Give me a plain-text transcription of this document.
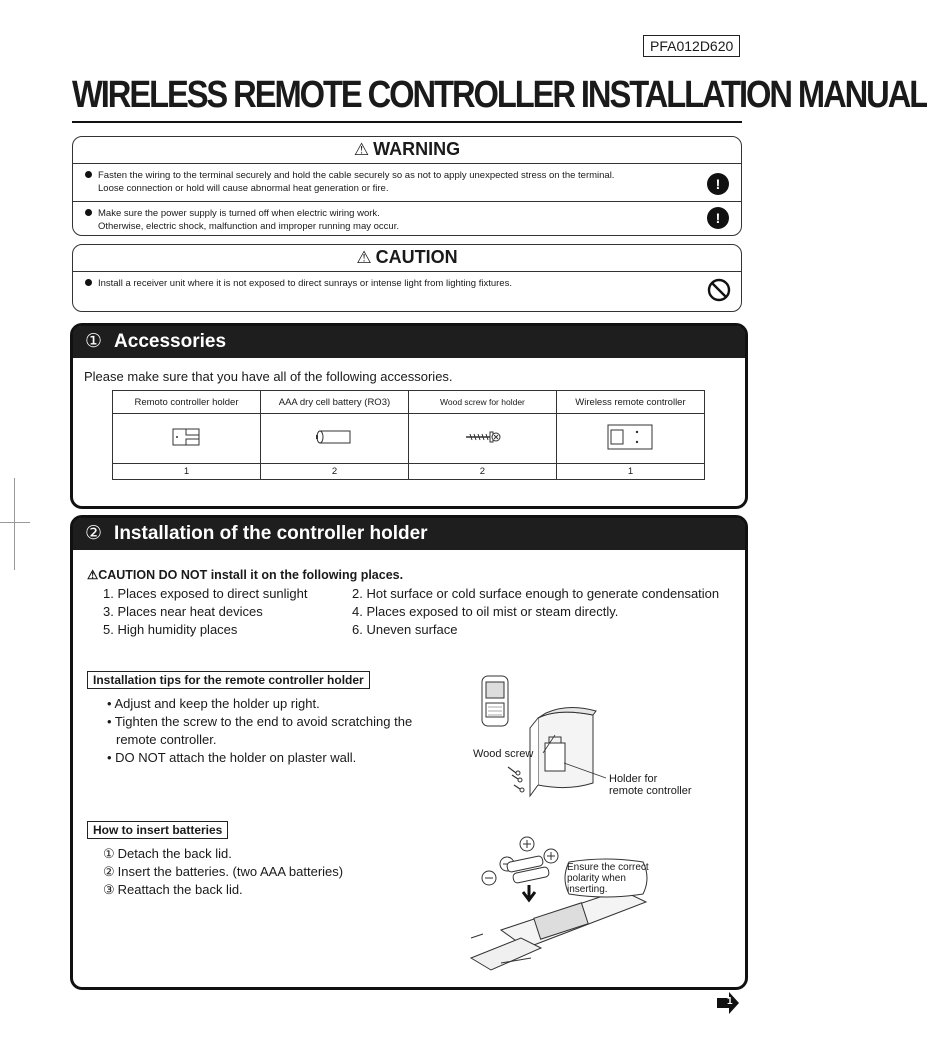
PFA012D620
WIRELESS REMOTE CONTROLLER INSTALLATION MANUAL
⚠ WARNING
Fasten the wiring to the terminal securely and hold the cable securely so as not to apply unexpected stress on the terminal.
Loose connection or hold will cause abnormal heat generation or fire.	!
Make sure the power supply is turned off when electric wiring work.
Otherwise, electric shock, malfunction and improper running may occur.
!
⚠ CAUTION
Install a receiver unit where it is not exposed to direct sunrays or intense light from lighting fixtures.
① Accessories
Please make sure that you have all of the following accessories.
Remoto controller holder	AAA dry cell battery (RO3)	Wood screw for holder	Wireless remote controller

1	2	2	1
② Installation of the controller holder
⚠CAUTION DO NOT install it on the following places.
1. Places exposed to direct sunlight
3. Places near heat devices
5. High humidity places
2. Hot surface or cold surface enough to generate condensation
4. Places exposed to oil mist or steam directly.
6. Uneven surface
Installation tips for the remote controller holder
• Adjust and keep the holder up right.
• Tighten the screw to the end to avoid scratching the
remote controller.
• DO NOT attach the holder on plaster wall.	Wood screw
Holder for
remote controller
How to insert batteries
① Detach the back lid.
② Insert the batteries. (two AAA batteries)
③ Reattach the back lid.
Ensure the correct
polarity when
inserting.
1
